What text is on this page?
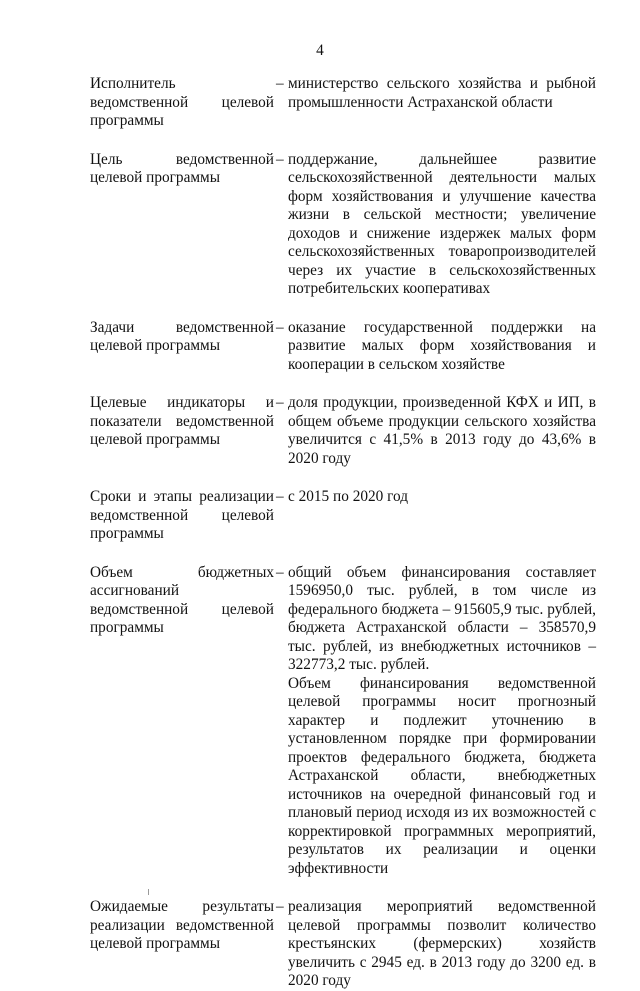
4
Исполнитель ведомственной целевой программы
– министерство сельского хозяйства и рыбной промышленности Астраханской области

Цель ведомственной целевой программы
– поддержание, дальнейшее развитие сельскохозяйственной деятельности малых форм хозяйствования и улучшение качества жизни в сельской местности; увеличение доходов и снижение издержек малых форм сельскохозяйственных товаропроизводителей через их участие в сельскохозяйственных потребительских кооперативах

Задачи ведомственной целевой программы
– оказание государственной поддержки на развитие малых форм хозяйствования и кооперации в сельском хозяйстве

Целевые индикаторы и показатели ведомственной целевой программы
– доля продукции, произведенной КФХ и ИП, в общем объеме продукции сельского хозяйства увеличится с 41,5% в 2013 году до 43,6% в 2020 году

Сроки и этапы реализации ведомственной целевой программы
– с 2015 по 2020 год

Объем бюджетных ассигнований ведомственной целевой программы
– общий объем финансирования составляет 1596950,0 тыс. рублей, в том числе из федерального бюджета – 915605,9 тыс. рублей, бюджета Астраханской области – 358570,9 тыс. рублей, из внебюджетных источников – 322773,2 тыс. рублей.

Объем финансирования ведомственной целевой программы носит прогнозный характер и подлежит уточнению в установленном порядке при формировании проектов федерального бюджета, бюджета Астраханской области, внебюджетных источников на очередной финансовый год и плановый период исходя из их возможностей с корректировкой программных мероприятий, результатов их реализации и оценки эффективности

Ожидаемые результаты реализации ведомственной целевой программы
– реализация мероприятий ведомственной целевой программы позволит количество крестьянских (фермерских) хозяйств увеличить с 2945 ед. в 2013 году до 3200 ед. в 2020 году
